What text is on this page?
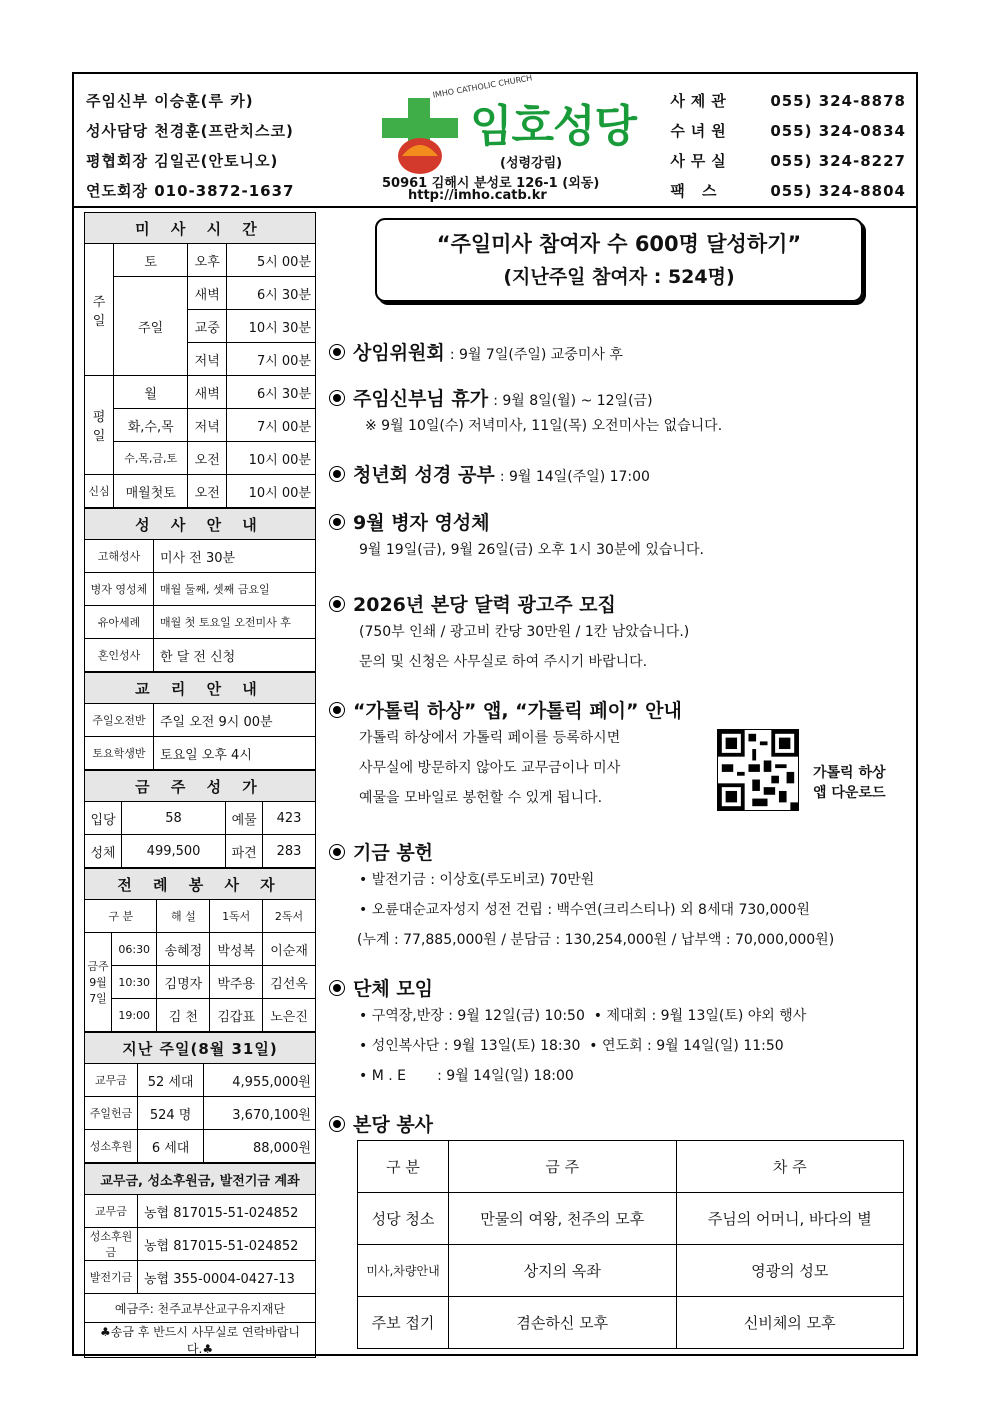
주임신부 이승훈(루 카)
성사담당 천경훈(프란치스코)
평협회장 김일곤(안토니오)
연도회장 010-3872-1637
IMHO CATHOLIC CHURCH
임호성당
(성령강림)
50961 김해시 분성로 126-1 (외동)
http://imho.catb.kr
사제관	055) 324-8878
수녀원	055) 324-0834
사무실	055) 324-8227
팩 스	055) 324-8804
미 사 시 간			
주일	토	오후	5시 00분
	주일	새벽	6시 30분
		교중	10시 30분
		저녁	7시 00분
평일	월	새벽	6시 30분
	화,수,목	저녁	7시 00분
	수,목,금,토	오전	10시 00분
신심	매월첫토	오전	10시 00분
성 사 안 내	
고해성사	미사 전 30분
병자 영성체	매월 둘째, 셋째 금요일
유아세례	매월 첫 토요일 오전미사 후
혼인성사	한 달 전 신청
교 리 안 내	
주일오전반	주일 오전 9시 00분
토요학생반	토요일 오후 4시
금 주 성 가			
입당	58	예물	423
성체	499,500	파견	283
전 례 봉 사 자				
구 분		해 설	1독서	2독서
금주 9월 7일	06:30	송혜정	박성복	이순재
	10:30	김명자	박주용	김선옥
	19:00	김 천	김갑표	노은진
지난 주일(8월 31일)		
교무금	52 세대	4,955,000원
주일헌금	524 명	3,670,100원
성소후원	6 세대	88,000원
교무금, 성소후원금, 발전기금 계좌	
교무금	농협 817015-51-024852
성소후원금	농협 817015-51-024852
발전기금	농협 355-0004-0427-13
예금주: 천주교부산교구유지재단	
♣송금 후 반드시 사무실로 연락바랍니다.♣	
“주일미사 참여자 수 600명 달성하기”
(지난주일 참여자 : 524명)
상임위원회 : 9월 7일(주일) 교중미사 후
주임신부님 휴가 : 9월 8일(월) ~ 12일(금)
※ 9월 10일(수) 저녁미사, 11일(목) 오전미사는 없습니다.
청년회 성경 공부 : 9월 14일(주일) 17:00
9월 병자 영성체
9월 19일(금), 9월 26일(금) 오후 1시 30분에 있습니다.
2026년 본당 달력 광고주 모집
(750부 인쇄 / 광고비 칸당 30만원 / 1칸 남았습니다.)
문의 및 신청은 사무실로 하여 주시기 바랍니다.
“가톨릭 하상” 앱, “가톨릭 페이” 안내
가톨릭 하상에서 가톨릭 페이를 등록하시면
사무실에 방문하지 않아도 교무금이나 미사
예물을 모바일로 봉헌할 수 있게 됩니다.
가톨릭 하상
앱 다운로드
기금 봉헌
• 발전기금 : 이상호(루도비코) 70만원
• 오륜대순교자성지 성전 건립 : 백수연(크리스티나) 외 8세대 730,000원
(누계 : 77,885,000원 / 분담금 : 130,254,000원 / 납부액 : 70,000,000원)
단체 모임
• 구역장,반장 : 9월 12일(금) 10:50  • 제대회 : 9월 13일(토) 야외 행사
• 성인복사단 : 9월 13일(토) 18:30  • 연도회 : 9월 14일(일) 11:50
• M . E       : 9월 14일(일) 18:00
본당 봉사
구 분	금 주	차 주
성당 청소	만물의 여왕, 천주의 모후	주님의 어머니, 바다의 별
미사,차량안내	상지의 옥좌	영광의 성모
주보 접기	겸손하신 모후	신비체의 모후
